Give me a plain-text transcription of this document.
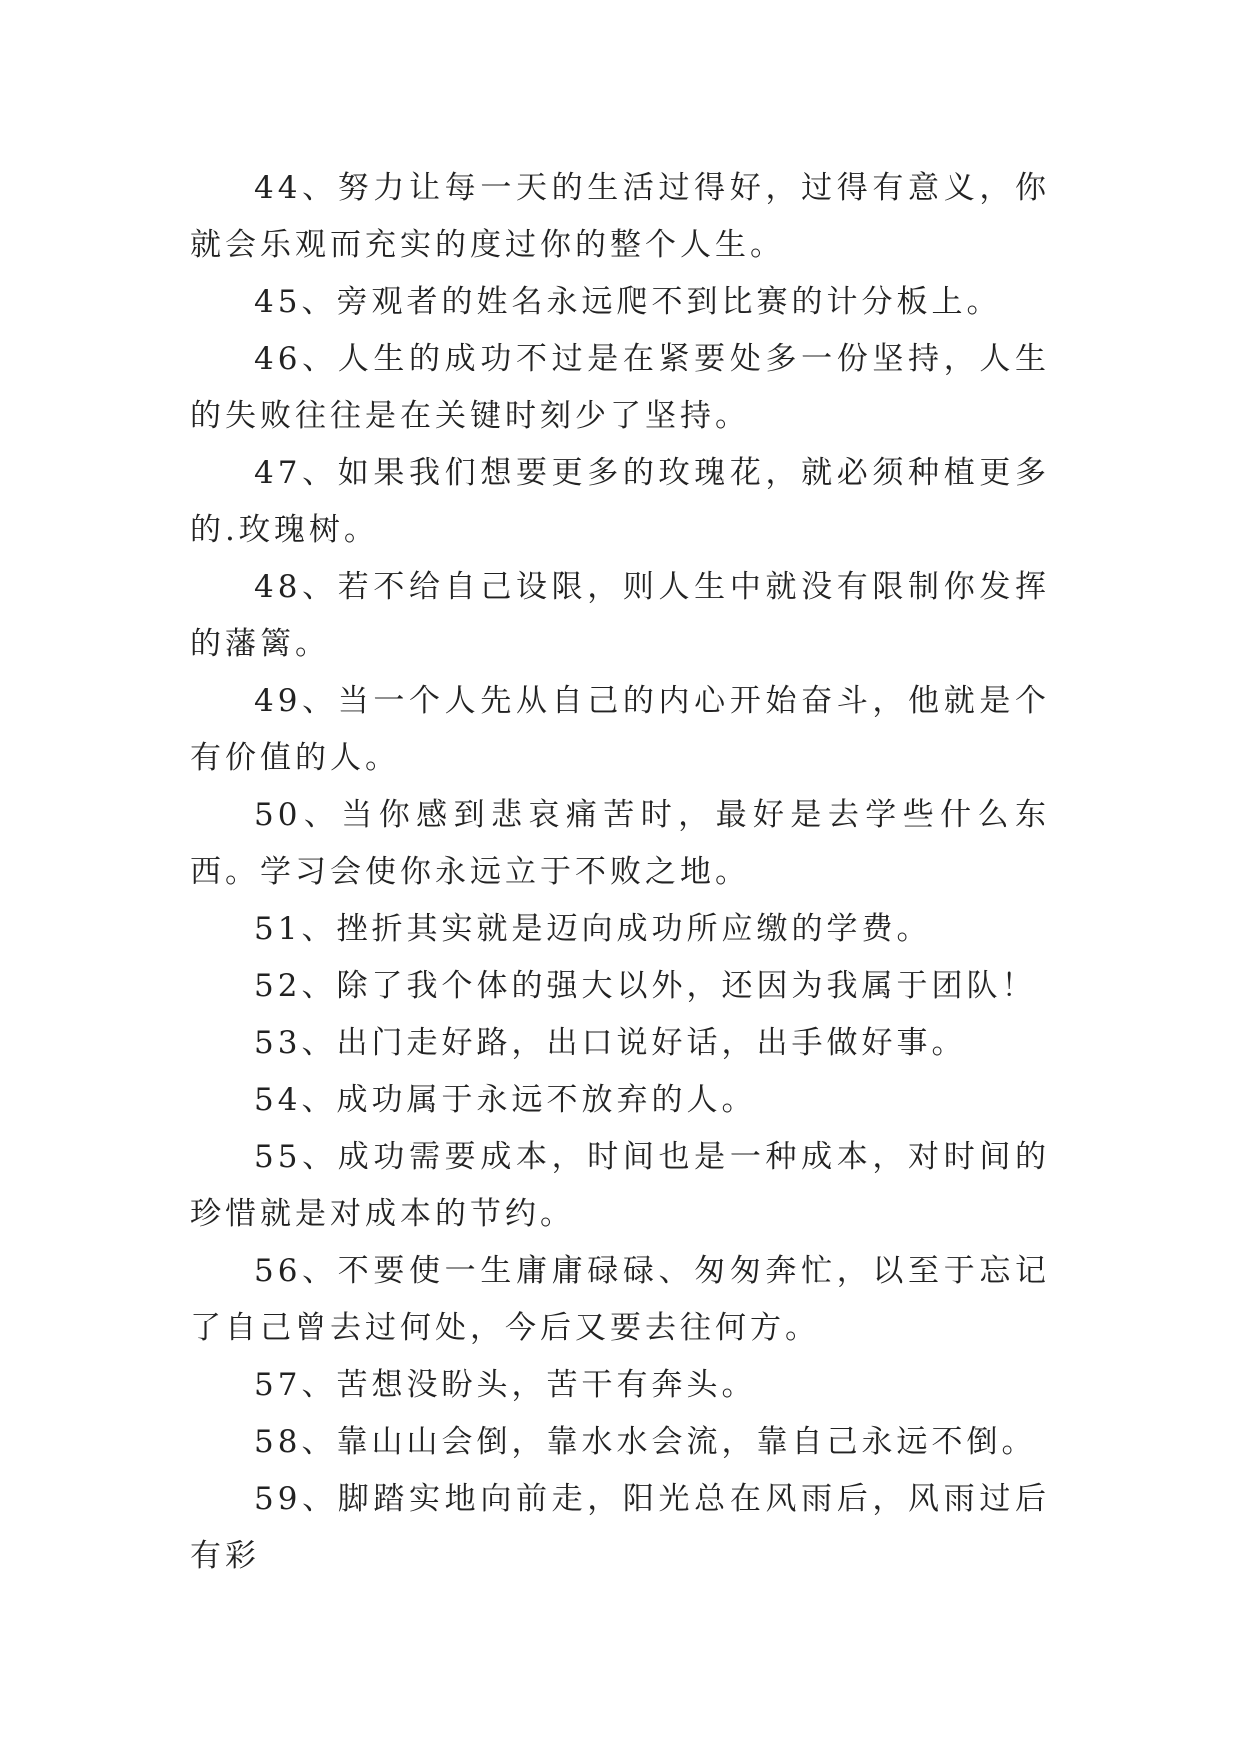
44、努力让每一天的生活过得好，过得有意义，你就会乐观而充实的度过你的整个人生。

45、旁观者的姓名永远爬不到比赛的计分板上。

46、人生的成功不过是在紧要处多一份坚持，人生的失败往往是在关键时刻少了坚持。

47、如果我们想要更多的玫瑰花，就必须种植更多的.玫瑰树。

48、若不给自己设限，则人生中就没有限制你发挥的藩篱。

49、当一个人先从自己的内心开始奋斗，他就是个有价值的人。

50、当你感到悲哀痛苦时，最好是去学些什么东西。学习会使你永远立于不败之地。

51、挫折其实就是迈向成功所应缴的学费。

52、除了我个体的强大以外，还因为我属于团队！

53、出门走好路，出口说好话，出手做好事。

54、成功属于永远不放弃的人。

55、成功需要成本，时间也是一种成本，对时间的珍惜就是对成本的节约。

56、不要使一生庸庸碌碌、匆匆奔忙，以至于忘记了自己曾去过何处，今后又要去往何方。

57、苦想没盼头，苦干有奔头。

58、靠山山会倒，靠水水会流，靠自己永远不倒。

59、脚踏实地向前走，阳光总在风雨后，风雨过后有彩
